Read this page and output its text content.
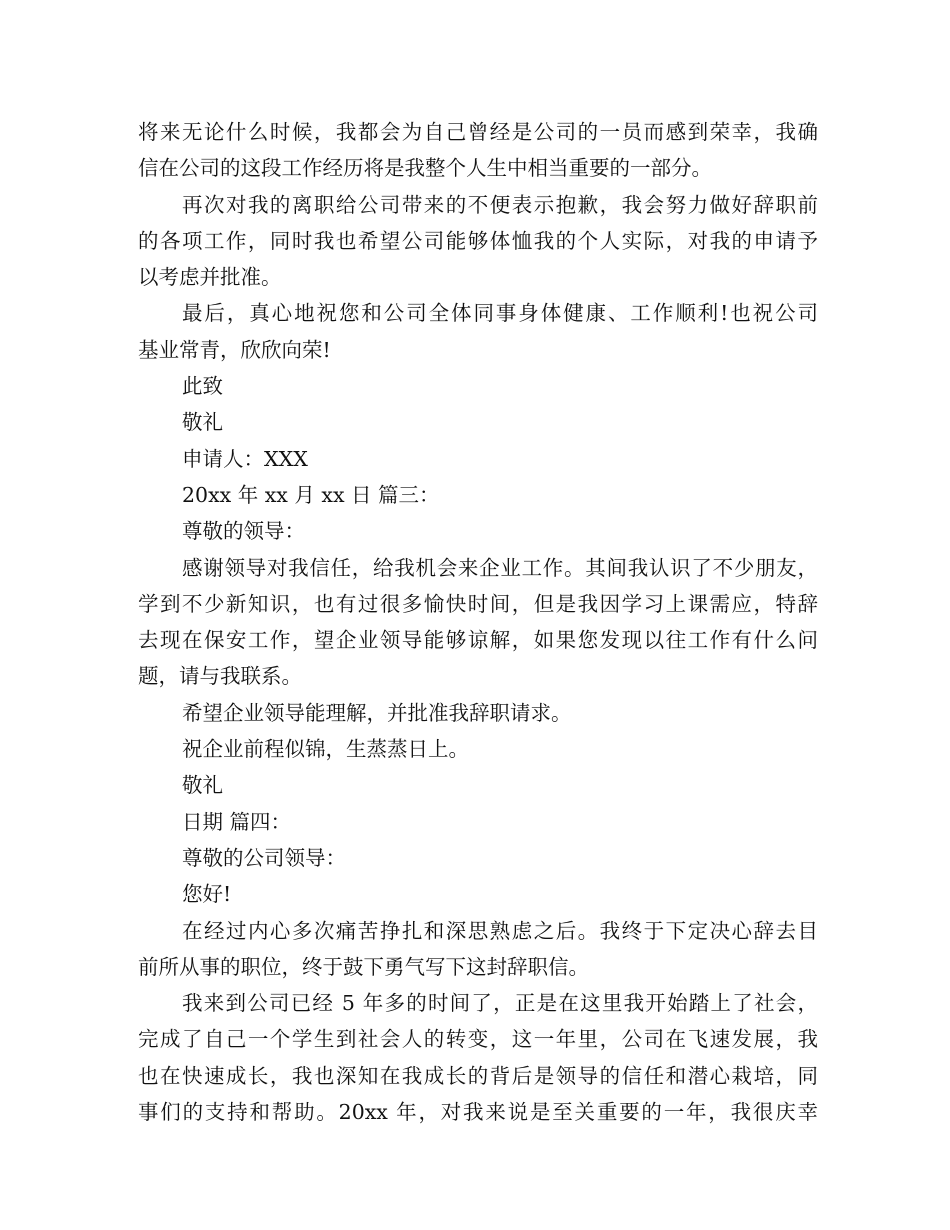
将来无论什么时候，我都会为自己曾经是公司的一员而感到荣幸，我确
信在公司的这段工作经历将是我整个人生中相当重要的一部分。
再次对我的离职给公司带来的不便表示抱歉，我会努力做好辞职前
的各项工作，同时我也希望公司能够体恤我的个人实际，对我的申请予
以考虑并批准。
最后，真心地祝您和公司全体同事身体健康、工作顺利!也祝公司
基业常青，欣欣向荣!
此致
敬礼
申请人：XXX
20xx 年 xx 月 xx 日 篇三：
尊敬的领导：
感谢领导对我信任，给我机会来企业工作。其间我认识了不少朋友，
学到不少新知识，也有过很多愉快时间，但是我因学习上课需应，特辞
去现在保安工作，望企业领导能够谅解，如果您发现以往工作有什么问
题，请与我联系。
希望企业领导能理解，并批准我辞职请求。
祝企业前程似锦，生蒸蒸日上。
敬礼
日期 篇四：
尊敬的公司领导：
您好!
在经过内心多次痛苦挣扎和深思熟虑之后。我终于下定决心辞去目
前所从事的职位，终于鼓下勇气写下这封辞职信。
我来到公司已经 5 年多的时间了，正是在这里我开始踏上了社会，
完成了自己一个学生到社会人的转变，这一年里，公司在飞速发展，我
也在快速成长，我也深知在我成长的背后是领导的信任和潜心栽培，同
事们的支持和帮助。20xx 年，对我来说是至关重要的一年，我很庆幸
